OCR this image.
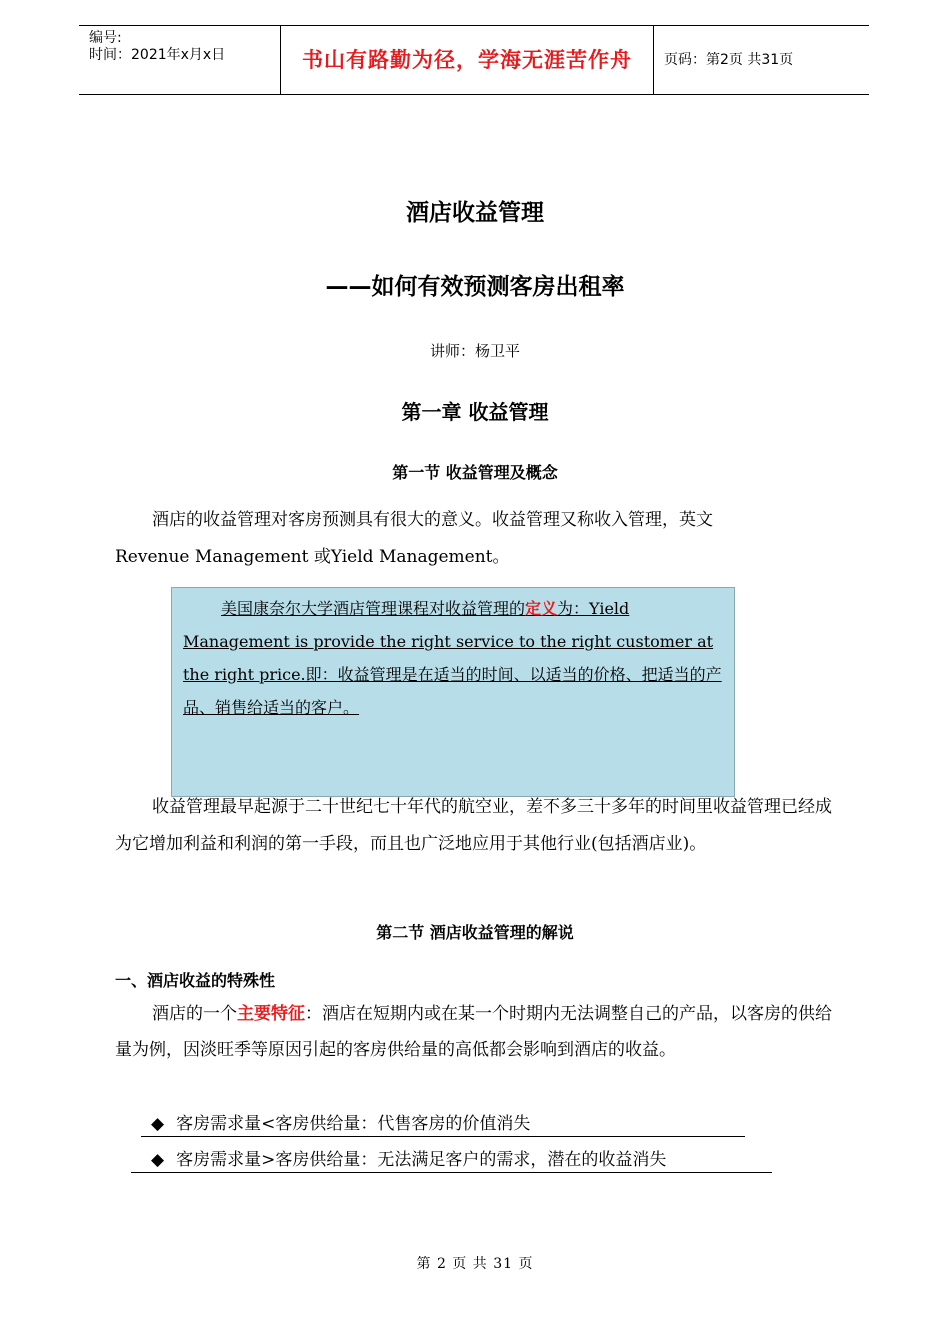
编号:
时间：2021年x月x日	书山有路勤为径，学海无涯苦作舟	页码：第2页 共31页
酒店收益管理
——如何有效预测客房出租率
讲师：杨卫平
第一章 收益管理
第一节 收益管理及概念
酒店的收益管理对客房预测具有很大的意义。收益管理又称收入管理，英文
Revenue Management 或Yield Management。
美国康奈尔大学酒店管理课程对收益管理的定义为：Yield Management is provide the right service to the right customer at the right price.即：收益管理是在适当的时间、以适当的价格、把适当的产品、销售给适当的客户。
收益管理最早起源于二十世纪七十年代的航空业，差不多三十多年的时间里收益管理已经成为它增加利益和利润的第一手段，而且也广泛地应用于其他行业(包括酒店业)。
第二节 酒店收益管理的解说
一、酒店收益的特殊性
酒店的一个主要特征：酒店在短期内或在某一个时期内无法调整自己的产品，以客房的供给量为例，因淡旺季等原因引起的客房供给量的高低都会影响到酒店的收益。
◆ 客房需求量<客房供给量：代售客房的价值消失
◆ 客房需求量>客房供给量：无法满足客户的需求，潜在的收益消失
第 2 页 共 31 页
